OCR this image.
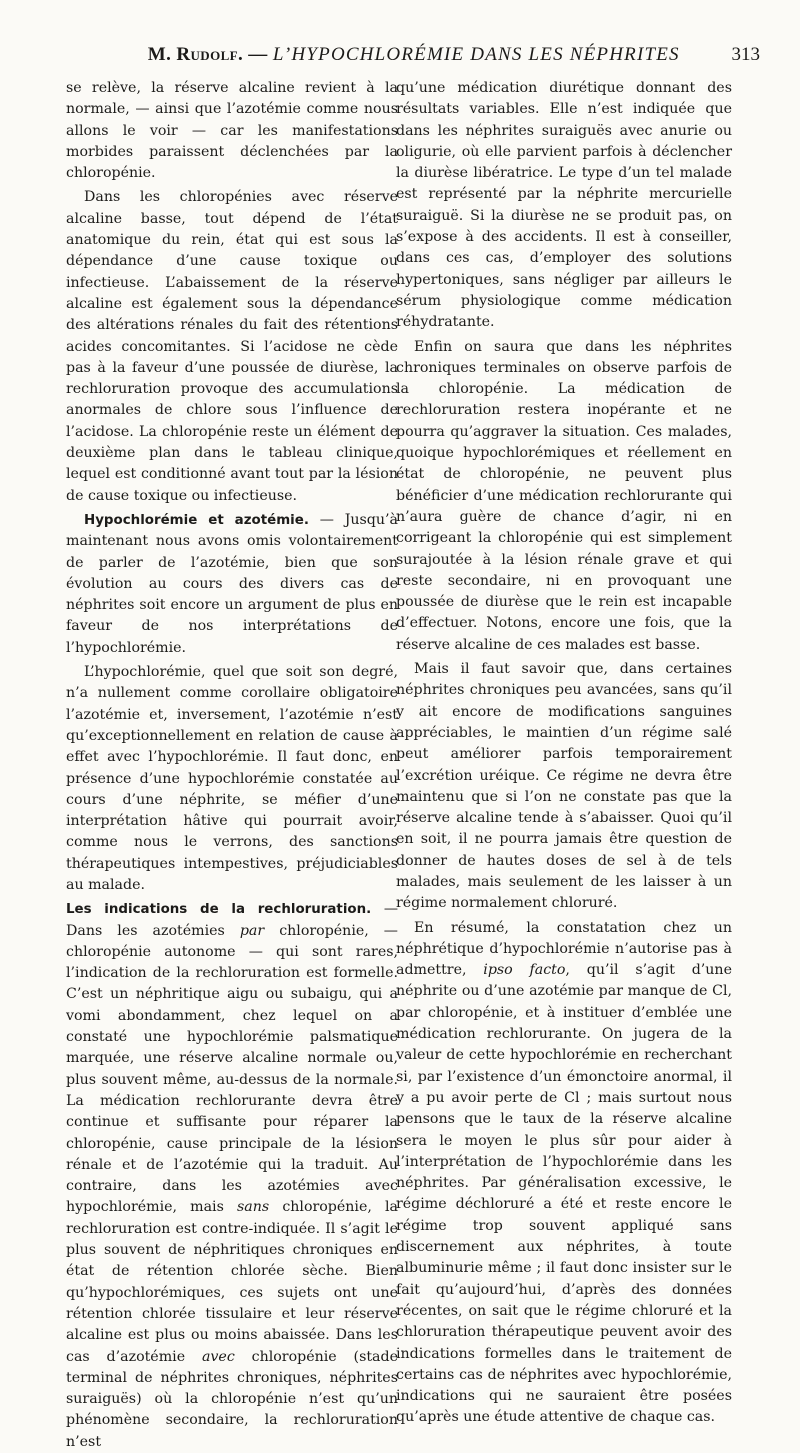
M. Rudolf. — L’HYPOCHLORÉMIE DANS LES NÉPHRITES	313

se relève, la réserve alcaline revient à la normale, — ainsi que l’azotémie comme nous allons le voir — car les manifestations morbides paraissent déclenchées par la chloropénie.

Dans les chloropénies avec réserve alcaline basse, tout dépend de l’état anatomique du rein, état qui est sous la dépendance d’une cause toxique ou infectieuse. L’abaissement de la réserve alcaline est également sous la dépendance des altérations rénales du fait des rétentions acides concomitantes. Si l’acidose ne cède pas à la faveur d’une poussée de diurèse, la rechloruration provoque des accumulations anormales de chlore sous l’influence de l’acidose. La chloropénie reste un élément de deuxième plan dans le tableau clinique, lequel est conditionné avant tout par la lésion de cause toxique ou infectieuse.

Hypochlorémie et azotémie. — Jusqu’à maintenant nous avons omis volontairement de parler de l’azotémie, bien que son évolution au cours des divers cas de néphrites soit encore un argument de plus en faveur de nos interprétations de l’hypochlorémie.

L’hypochlorémie, quel que soit son degré, n’a nullement comme corollaire obligatoire l’azotémie et, inversement, l’azotémie n’est qu’exceptionnellement en relation de cause à effet avec l’hypochlorémie. Il faut donc, en présence d’une hypochlorémie constatée au cours d’une néphrite, se méfier d’une interprétation hâtive qui pourrait avoir, comme nous le verrons, des sanctions thérapeutiques intempestives, préjudiciables au malade.

Les indications de la rechloruration. — Dans les azotémies par chloropénie, — chloropénie autonome — qui sont rares, l’indication de la rechloruration est formelle. C’est un néphritique aigu ou subaigu, qui a vomi abondamment, chez lequel on a constaté une hypochlorémie palsmatique marquée, une réserve alcaline normale ou, plus souvent même, au-dessus de la normale. La médication rechlorurante devra être continue et suffisante pour réparer la chloropénie, cause principale de la lésion rénale et de l’azotémie qui la traduit. Au contraire, dans les azotémies avec hypochlorémie, mais sans chloropénie, la rechloruration est contre-indiquée. Il s’agit le plus souvent de néphritiques chroniques en état de rétention chlorée sèche. Bien qu’hypochlorémiques, ces sujets ont une rétention chlorée tissulaire et leur réserve alcaline est plus ou moins abaissée. Dans les cas d’azotémie avec chloropénie (stade terminal de néphrites chroniques, néphrites suraiguës) où la chloropénie n’est qu’un phénomène secondaire, la rechloruration n’est

qu’une médication diurétique donnant des résultats variables. Elle n’est indiquée que dans les néphrites suraiguës avec anurie ou oligurie, où elle parvient parfois à déclencher la diurèse libératrice. Le type d’un tel malade est représenté par la néphrite mercurielle suraiguë. Si la diurèse ne se produit pas, on s’expose à des accidents. Il est à conseiller, dans ces cas, d’employer des solutions hypertoniques, sans négliger par ailleurs le sérum physiologique comme médication réhydratante.

Enfin on saura que dans les néphrites chroniques terminales on observe parfois de la chloropénie. La médication de rechloruration restera inopérante et ne pourra qu’aggraver la situation. Ces malades, quoique hypochlorémiques et réellement en état de chloropénie, ne peuvent plus bénéficier d’une médication rechlorurante qui n’aura guère de chance d’agir, ni en corrigeant la chloropénie qui est simplement surajoutée à la lésion rénale grave et qui reste secondaire, ni en provoquant une poussée de diurèse que le rein est incapable d’effectuer. Notons, encore une fois, que la réserve alcaline de ces malades est basse.

Mais il faut savoir que, dans certaines néphrites chroniques peu avancées, sans qu’il y ait encore de modifications sanguines appréciables, le maintien d’un régime salé peut améliorer parfois temporairement l’excrétion uréique. Ce régime ne devra être maintenu que si l’on ne constate pas que la réserve alcaline tende à s’abaisser. Quoi qu’il en soit, il ne pourra jamais être question de donner de hautes doses de sel à de tels malades, mais seulement de les laisser à un régime normalement chloruré.

En résumé, la constatation chez un néphrétique d’hypochlorémie n’autorise pas à admettre, ipso facto, qu’il s’agit d’une néphrite ou d’une azotémie par manque de Cl, par chloropénie, et à instituer d’emblée une médication rechlorurante. On jugera de la valeur de cette hypochlorémie en recherchant si, par l’existence d’un émonctoire anormal, il y a pu avoir perte de Cl ; mais surtout nous pensons que le taux de la réserve alcaline sera le moyen le plus sûr pour aider à l’interprétation de l’hypochlorémie dans les néphrites. Par généralisation excessive, le régime déchloruré a été et reste encore le régime trop souvent appliqué sans discernement aux néphrites, à toute albuminurie même ; il faut donc insister sur le fait qu’aujourd’hui, d’après des données récentes, on sait que le régime chloruré et la chloruration thérapeutique peuvent avoir des indications formelles dans le traitement de certains cas de néphrites avec hypochlorémie, indications qui ne sauraient être posées qu’après une étude attentive de chaque cas.
